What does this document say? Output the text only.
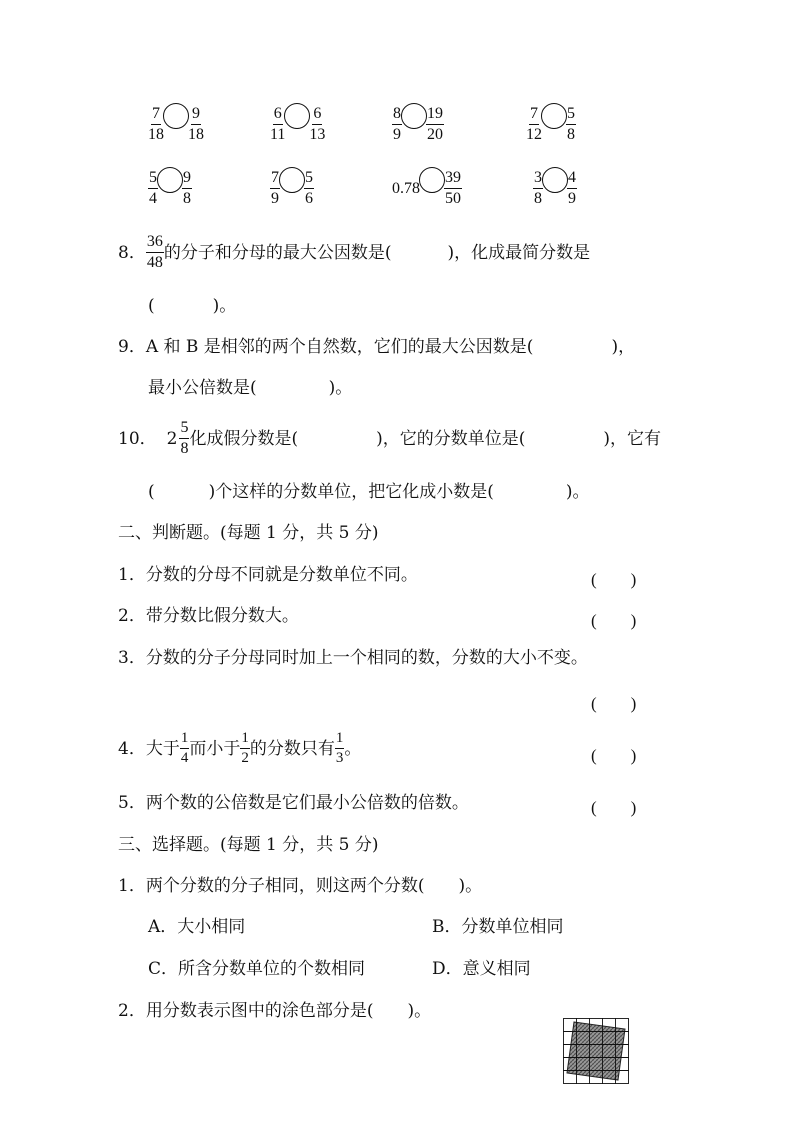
$\frac{7}{18} \frac{9}{18}$	$\frac{6}{11} \frac{6}{13}$	$\frac{8}{9} \frac{19}{20}$	$\frac{7}{12} \frac{5}{8}$
$\frac{5}{4} \frac{9}{8}$	$\frac{7}{9} \frac{5}{6}$	$0.78 \frac{39}{50}$	$\frac{3}{8} \frac{4}{9}$
8． $\frac{36}{48}$ 的分子和分母的最大公因数是(	)，化成最简分数是
(	)。
9．A 和 B 是相邻的两个自然数，它们的最大公因数是(	)，
最小公倍数是(	)。
10． $2 \frac{5}{8}$ 化成假分数是(	)，它的分数单位是(	)，它有
(	)个这样的分数单位，把它化成小数是(	)。
二、判断题。(每题 1 分，共 5 分)
1．分数的分母不同就是分数单位不同。	(　　)
2．带分数比假分数大。	(　　)
3．分数的分子分母同时加上一个相同的数，分数的大小不变。
(　　)
4．大于 $\frac{1}{4}$ 而小于 $\frac{1}{2}$ 的分数只有 $\frac{1}{3}$ 。	(　　)
5．两个数的公倍数是它们最小公倍数的倍数。	(　　)
三、选择题。(每题 1 分，共 5 分)
1．两个分数的分子相同，则这两个分数(　　)。
A．大小相同	B．分数单位相同
C．所含分数单位的个数相同	D．意义相同
2．用分数表示图中的涂色部分是(　　)。
